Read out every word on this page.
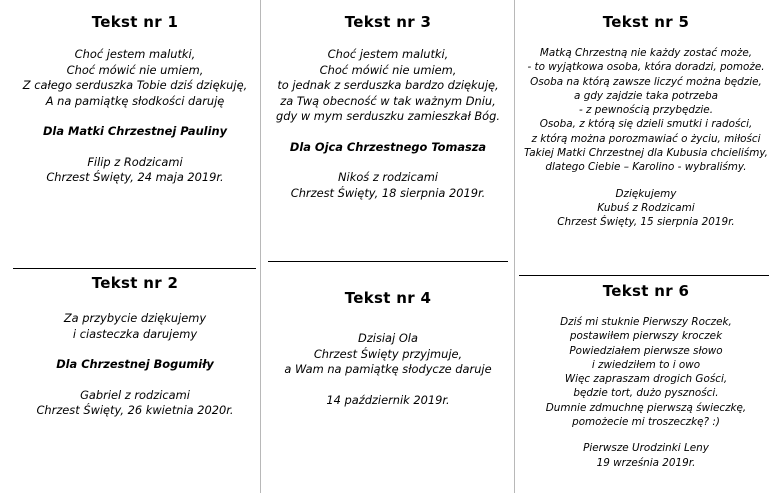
Tekst nr 1
Choć jestem malutki,
Choć mówić nie umiem,
Z całego serduszka Tobie dziś dziękuję,
A na pamiątkę słodkości daruję
Dla Matki Chrzestnej Pauliny
Filip z Rodzicami
Chrzest Święty, 24 maja 2019r.
Tekst nr 2
Za przybycie dziękujemy
i ciasteczka darujemy
Dla Chrzestnej Bogumiły
Gabriel z rodzicami
Chrzest Święty, 26 kwietnia 2020r.
Tekst nr 3
Choć jestem malutki,
Choć mówić nie umiem,
to jednak z serduszka bardzo dziękuję,
za Twą obecność w tak ważnym Dniu,
gdy w mym serduszku zamieszkał Bóg.
Dla Ojca Chrzestnego Tomasza
Nikoś z rodzicami
Chrzest Święty, 18 sierpnia 2019r.
Tekst nr 4
Dzisiaj Ola
Chrzest Święty przyjmuje,
a Wam na pamiątkę słodycze daruje
14 październik 2019r.
Tekst nr 5
Matką Chrzestną nie każdy zostać może,
- to wyjątkowa osoba, która doradzi, pomoże.
Osoba na którą zawsze liczyć można będzie,
a gdy zajdzie taka potrzeba
- z pewnością przybędzie.
Osoba, z którą się dzieli smutki i radości,
z którą można porozmawiać o życiu, miłości
Takiej Matki Chrzestnej dla Kubusia chcieliśmy,
dlatego Ciebie – Karolino - wybraliśmy.
Dziękujemy
Kubuś z Rodzicami
Chrzest Święty, 15 sierpnia 2019r.
Tekst nr 6
Dziś mi stuknie Pierwszy Roczek,
postawiłem pierwszy kroczek
Powiedziałem pierwsze słowo
i zwiedziłem to i owo
Więc zapraszam drogich Gości,
będzie tort, dużo pyszności.
Dumnie zdmuchnę pierwszą świeczkę,
pomożecie mi troszeczkę? :)
Pierwsze Urodzinki Leny
19 września 2019r.
